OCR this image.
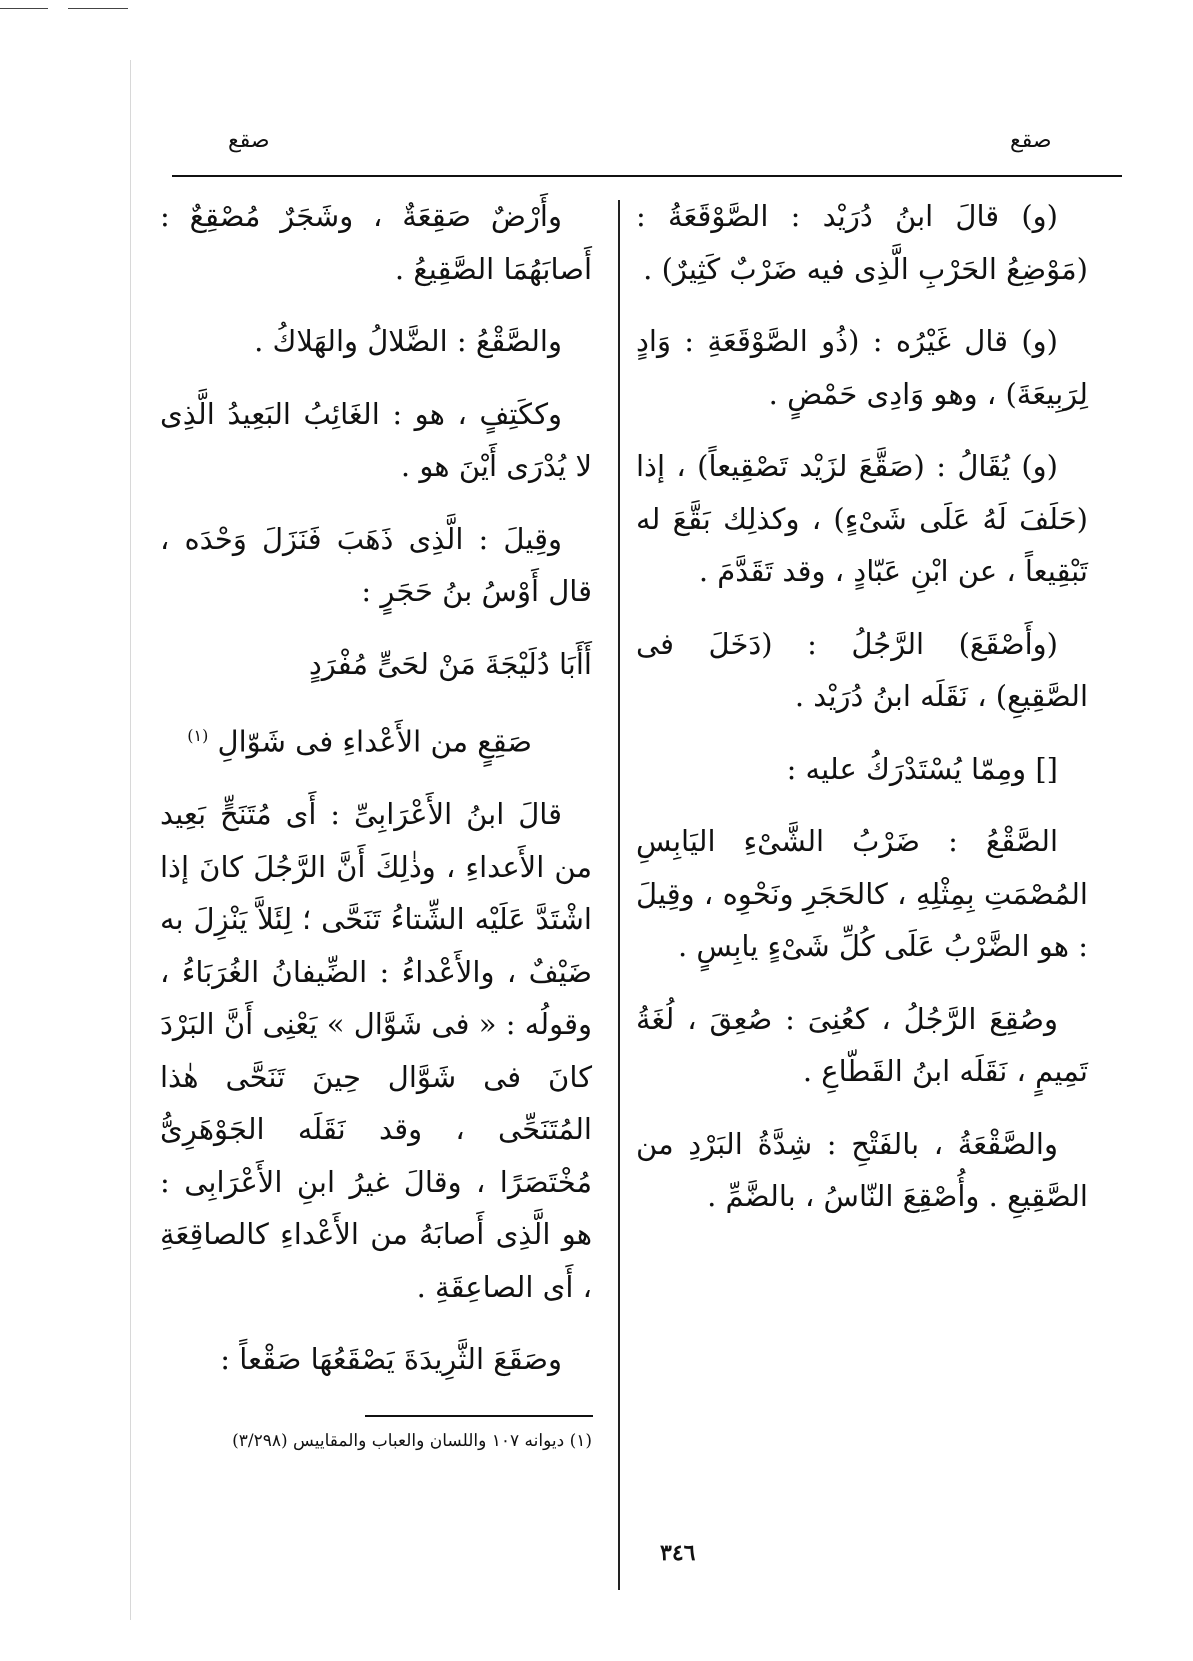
صقع	صقع

(و) قالَ ابنُ دُرَيْد : الصَّوْقَعَةُ : (مَوْضِعُ الحَرْبِ الَّذِى فيه ضَرْبٌ كَثِيرٌ) .

(و) قال غَيْرُه : (ذُو الصَّوْقَعَةِ : وَادٍ لِرَبِيعَةَ) ، وهو وَادِى حَمْضٍ .

(و) يُقَالُ : (صَقَّعَ لزَيْد تَصْقِيعاً) ، إذا (حَلَفَ لَهُ عَلَى شَىْءٍ) ، وكذلِك بَقَّعَ له تَبْقِيعاً ، عن ابْنِ عَبّادٍ ، وقد تَقَدَّمَ .

(وأَصْقَعَ) الرَّجُلُ : (دَخَلَ فى الصَّقِيعِ) ، نَقَلَه ابنُ دُرَيْد .

[] ومِمّا يُسْتَدْرَكُ عليه :

الصَّقْعُ : ضَرْبُ الشَّىْءِ اليَابِسِ المُصْمَتِ بِمِثْلِهِ ، كالحَجَرِ ونَحْوِه ، وقِيلَ : هو الضَّرْبُ عَلَى كُلِّ شَىْءٍ يابِسٍ .

وصُقِعَ الرَّجُلُ ، كعُنِىَ : صُعِقَ ، لُغَةُ تَمِيمٍ ، نَقَلَه ابنُ القَطّاعِ .

والصَّقْعَةُ ، بالفَتْحِ : شِدَّةُ البَرْدِ من الصَّقِيعِ . وأُصْقِعَ النّاسُ ، بالضَّمِّ .

وأَرْضٌ صَقِعَةٌ ، وشَجَرٌ مُصْقِعٌ : أَصابَهُمَا الصَّقِيعُ .

والصَّقْعُ : الضَّلالُ والهَلاكُ .

وككَتِفٍ ، هو : الغَائِبُ البَعِيدُ الَّذِى لا يُدْرَى أَيْنَ هو .

وقِيلَ : الَّذِى ذَهَبَ فَنَزَلَ وَحْدَه ، قال أَوْسُ بنُ حَجَرٍ :

أَأَبَا دُلَيْجَةَ مَنْ لحَىٍّ مُفْرَدٍ

صَقِعٍ من الأَعْداءِ فى شَوّالِ $^{(١)}$

قالَ ابنُ الأَعْرَابِىِّ : أَى مُتَنَحٍّ بَعِيد من الأَعداءِ ، وذٰلِكَ أَنَّ الرَّجُلَ كانَ إذا اشْتَدَّ عَلَيْه الشِّتاءُ تَنَحَّى ؛ لِئَلاَّ يَنْزِلَ به ضَيْفٌ ، والأَعْداءُ : الضِّيفانُ الغُرَبَاءُ ، وقولُه : « فى شَوَّال » يَعْنِى أَنَّ البَرْدَ كانَ فى شَوَّال حِينَ تَنَحَّى هٰذا المُتَنَحِّى ، وقد نَقَلَه الجَوْهَرِىُّ مُخْتَصَرًا ، وقالَ غيرُ ابنِ الأَعْرَابِى : هو الَّذِى أَصابَهُ من الأَعْداءِ كالصاقِعَةِ ، أَى الصاعِقَةِ .

وصَقَعَ الثَّرِيدَةَ يَصْقَعُهَا صَقْعاً :

(١) ديوانه ١٠٧ واللسان والعباب والمقاييس (٣/٢٩٨)
٣٤٦
